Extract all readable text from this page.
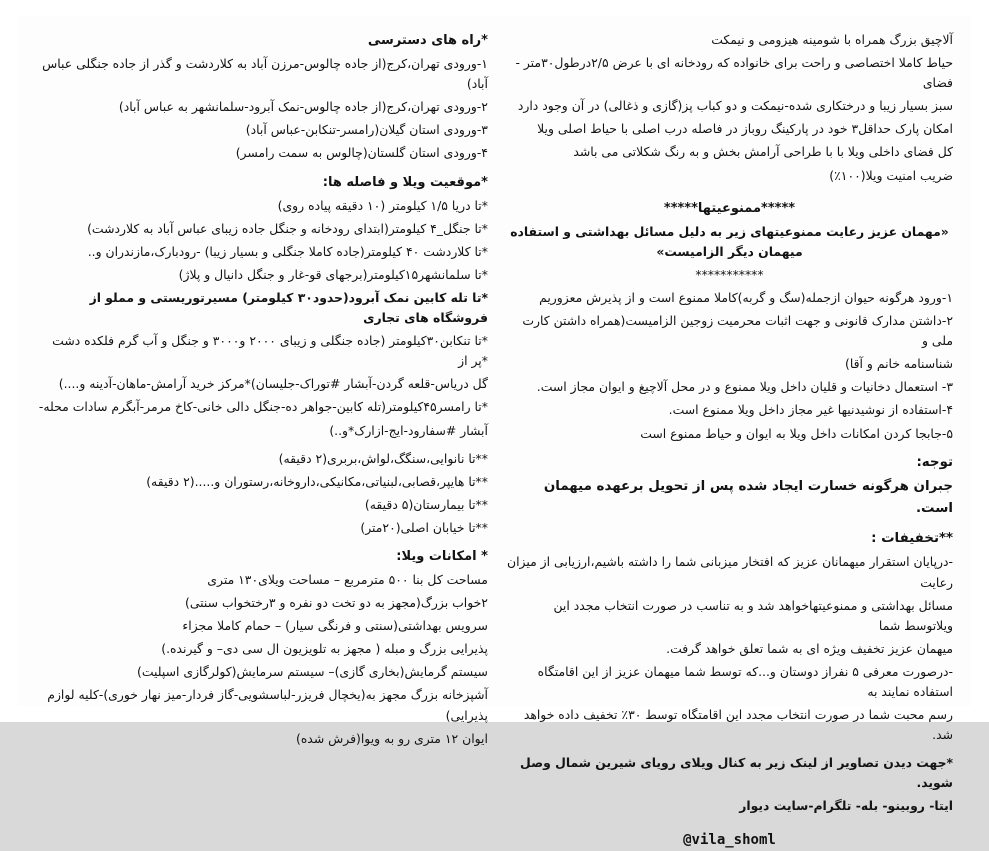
آلاچیق بزرگ همراه با شومینه هیزومی و نیمکت

حیاط کاملا اختصاصی و راحت برای خانواده که رودخانه ای با عرض ۲/۵درطول۳۰متر - فضای

سبز بسیار زیبا و درختکاری شده-نیمکت و دو کباب پز(گازی و ذغالی) در آن وجود دارد

امکان پارک حداقل۳ خود در پارکینگ روباز در فاصله درب اصلی با حیاط اصلی ویلا

کل فضای داخلی ویلا با با طراحی آرامش بخش و به رنگ شکلاتی می باشد

ضریب امنیت ویلا(۱۰۰٪)

*****ممنوعیتها*****

«مهمان عزیز رعایت ممنوعیتهای زیر به دلیل مسائل بهداشتی و استفاده میهمان دیگر الزامیست»

***********

۱-ورود هرگونه حیوان ازجمله(سگ و گربه)کاملا ممنوع است و از پذیرش معزوریم

۲-داشتن مدارک قانونی و جهت اثبات محرمیت زوجین الزامیست(همراه داشتن کارت ملی و

شناسنامه خانم و آقا)

۳- استعمال دخانیات و قلیان داخل ویلا ممنوع و در محل آلاچیغ و ایوان مجاز است.

۴-استفاده از نوشیدنیها غیر مجاز داخل ویلا ممنوع است.

۵-جابجا کردن امکانات داخل ویلا به ایوان و حیاط ممنوع است

توجه:

جبران هرگونه خسارت ایجاد شده پس از تحویل برعهده میهمان است.

**تخفیفات :

-درپایان استقرار میهمانان عزیز که افتخار میزبانی شما را داشته باشیم،ارزیابی از میزان رعایت

مسائل بهداشتی و ممنوعیتهاخواهد شد و به تناسب در صورت انتخاب مجدد این ویلاتوسط شما

میهمان عزیز تخفیف ویژه ای به شما تعلق خواهد گرفت.

-درصورت معرفی ۵ نفراز دوستان و...که توسط شما میهمان عزیز از این اقامتگاه استفاده نمایند به

رسم محبت شما در صورت انتخاب مجدد این اقامتگاه توسط ۳۰٪ تخفیف داده خواهد شد.

*جهت دیدن تصاویر از لینک زیر به کنال ویلای رویای شیرین شمال وصل شوید.

ایتا- روبینو- بله- تلگرام-سایت دیوار

@vila_shoml

*راه های دسترسی

۱-ورودی تهران،کرج(از جاده چالوس-مرزن آباد به کلاردشت و گذر از جاده جنگلی عباس آباد)

۲-ورودی تهران،کرج(از جاده چالوس-نمک آبرود-سلمانشهر به عباس آباد)

۳-ورودی استان گیلان(رامسر-تنکابن-عباس آباد)

۴-ورودی استان گلستان(چالوس به سمت رامسر)

*موقعیت ویلا و فاصله ها:

*تا دریا ۱/۵ کیلومتر (۱۰ دقیقه پیاده روی)

*تا جنگل_۴ کیلومتر(ابتدای رودخانه و جنگل جاده زیبای عباس آباد به کلاردشت)

*تا کلاردشت ۴۰ کیلومتر(جاده کاملا جنگلی و بسیار زیبا) -رودبارک،مازندران و..

*تا سلمانشهر۱۵کیلومتر(برجهای قو-غار و جنگل دانیال و پلاژ)

*تا تله کابین نمک آبرود(حدود۳۰ کیلومتر) مسیرتوریستی و مملو از فروشگاه های تجاری

*تا تنکابن۳۰کیلومتر (جاده جنگلی و زیبای ۲۰۰۰ و۳۰۰۰ و جنگل و آب گرم فلکده دشت *پر از

گل دریاس-قلعه گردن-آبشار #توراک-جلیسان)*مرکز خرید آرامش-ماهان-آدینه و....)

*تا رامسر۴۵کیلومتر(تله کابین-جواهر ده-جنگل دالی خانی-کاخ مرمر-آبگرم سادات محله-

آبشار #سفارود-ایج-ازارک*و..)

**تا نانوایی،سنگگ،لواش،بربری(۲ دقیقه)

**تا هایپر،قصابی،لبنیاتی،مکانیکی،داروخانه،رستوران و.....(۲ دقیقه)

**تا بیمارستان(۵ دقیقه)

**تا خیابان اصلی(۲۰متر)

* امکانات ویلا:

مساحت کل بنا ۵۰۰ مترمربع – مساحت ویلای۱۳۰ متری

۲خواب بزرگ(مجهز به دو تخت دو نفره و ۳رختخواب سنتی)

سرویس بهداشتی(سنتی و فرنگی سیار) – حمام کاملا مجزاء

پذیرایی بزرگ و مبله ( مجهز به تلویزیون ال سی دی– و گیرنده.)

سیستم گرمایش(بخاری گازی)– سیستم سرمایش(کولرگازی اسپلیت)

آشپزخانه بزرگ مجهز به(یخچال فریزر-لباسشویی-گاز فردار-میز نهار خوری)-کلیه لوازم پذیرایی)

ایوان ۱۲ متری رو به ویوا(فرش شده)
